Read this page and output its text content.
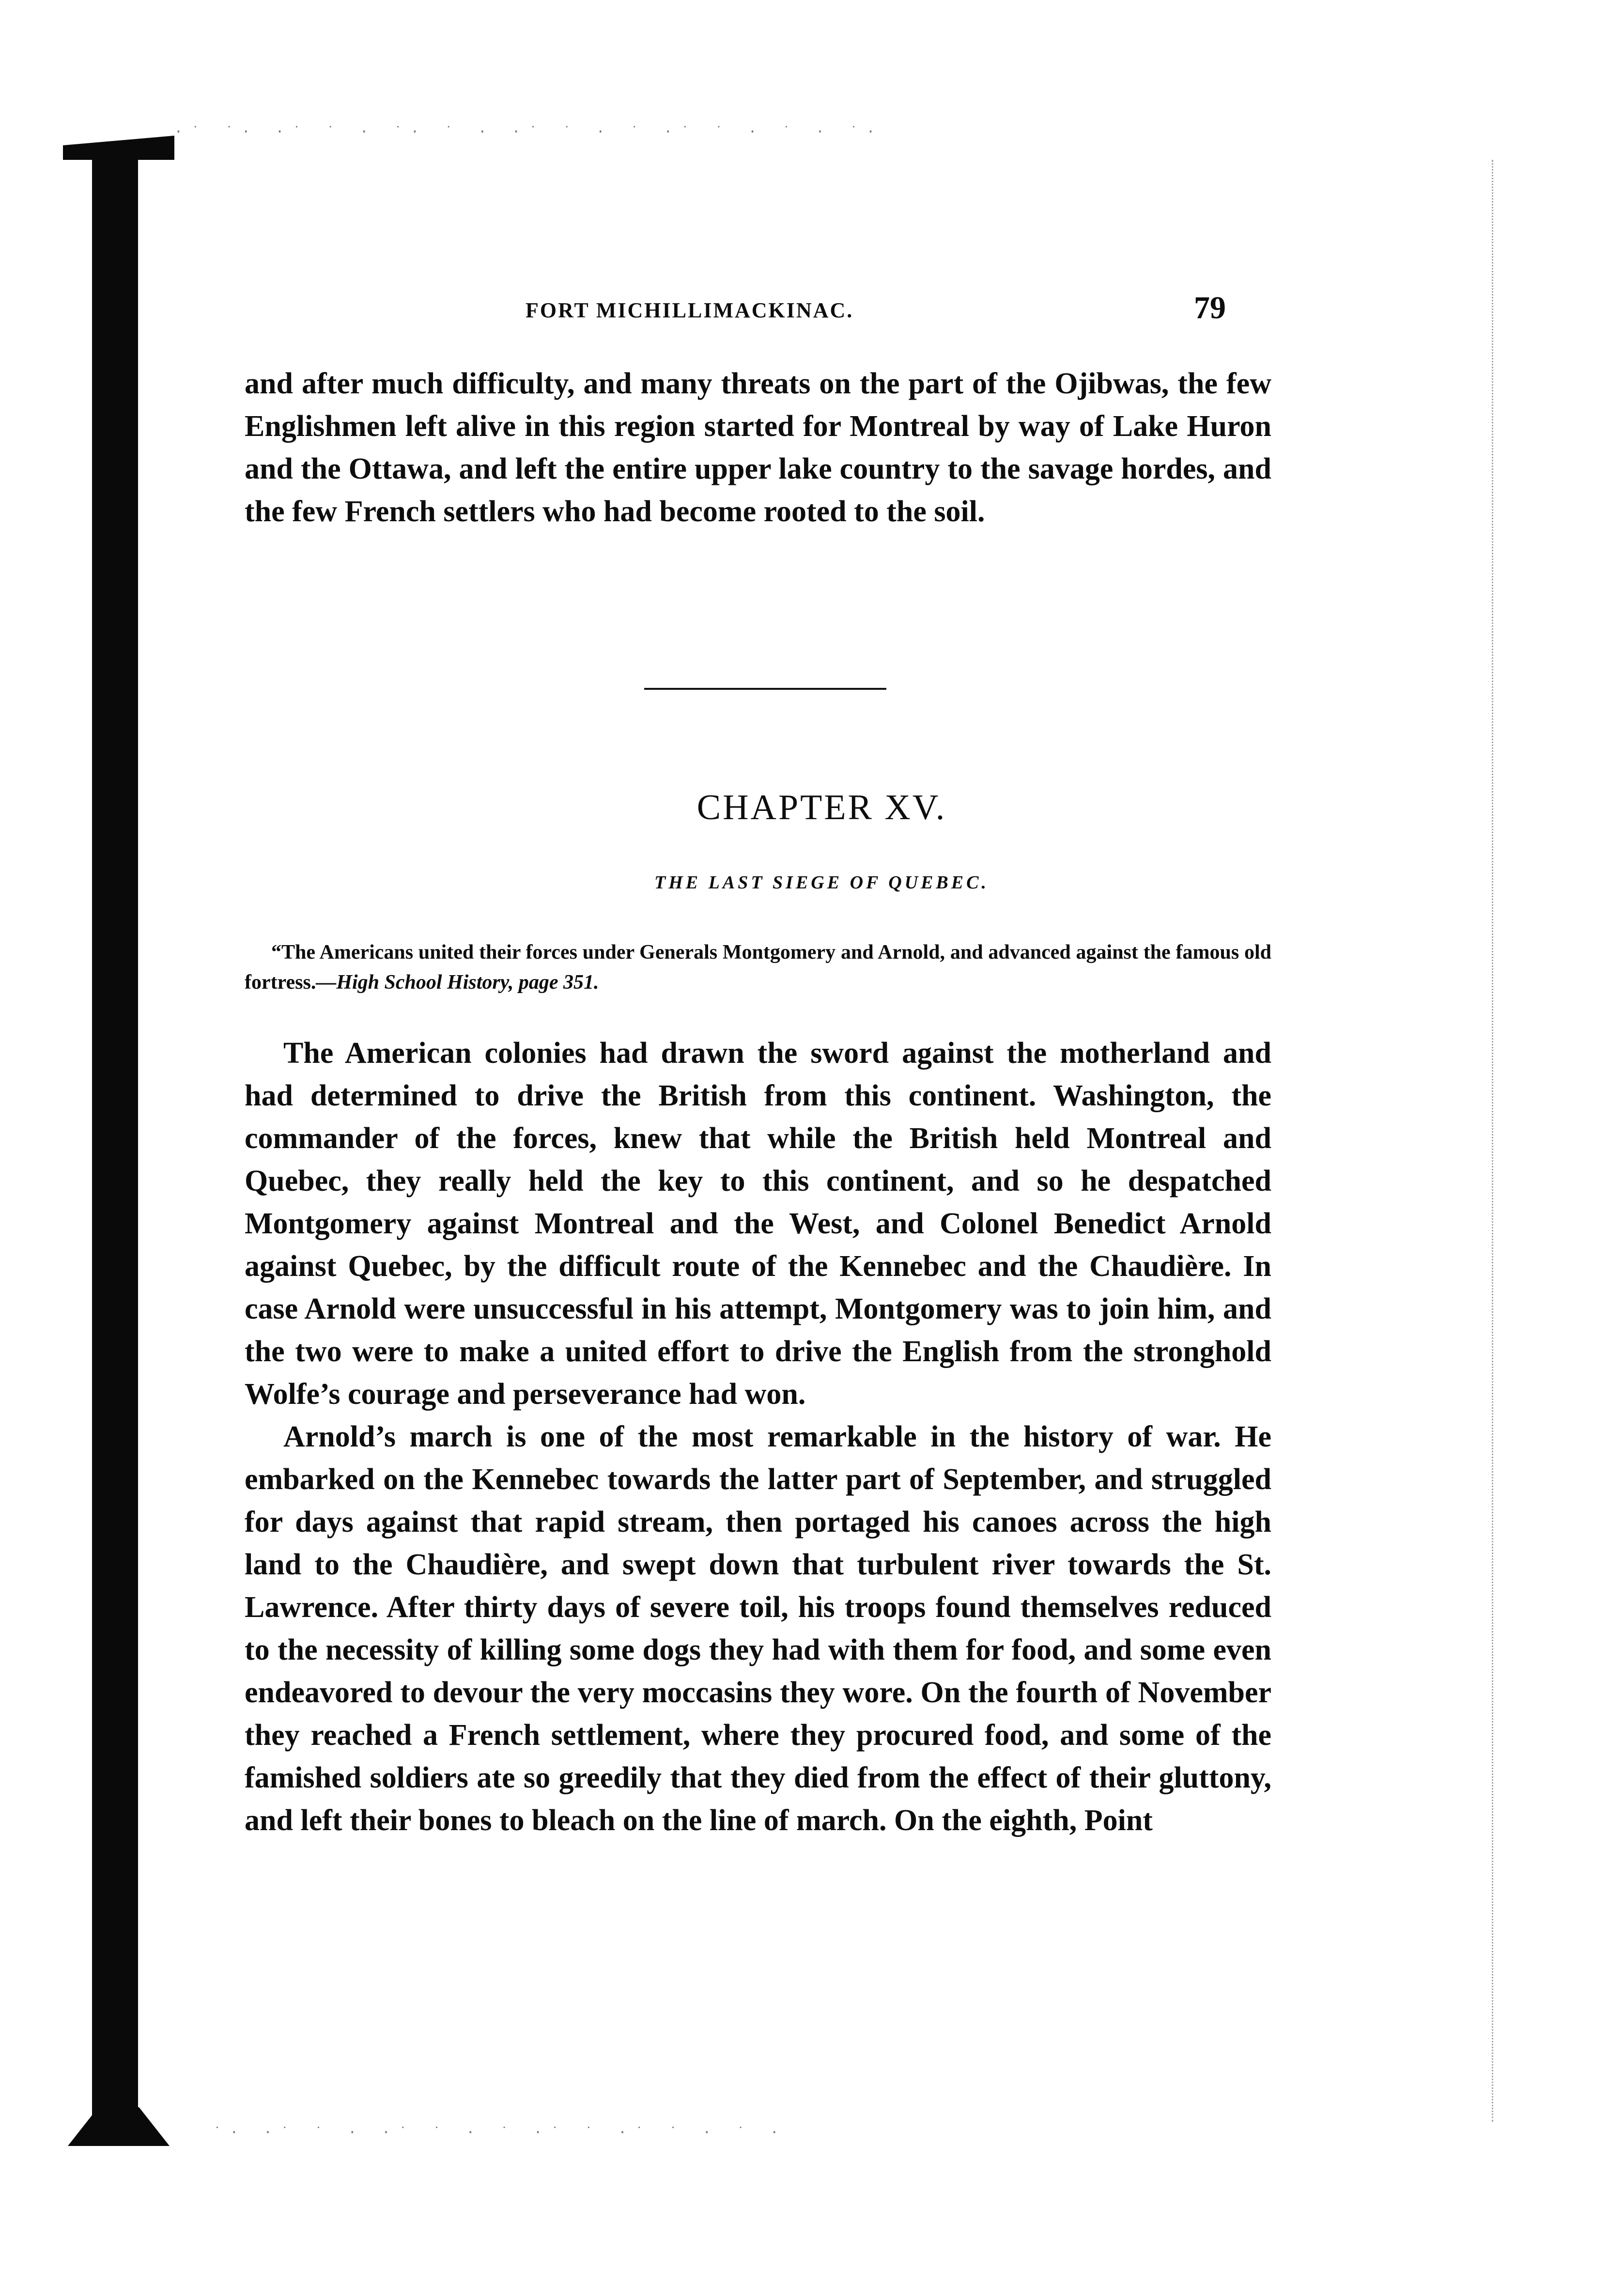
·˙ ˙· ·˙ ˙ · ˙· ˙ · ·˙ ˙ · ˙ ·˙ ˙ · ˙ · ˙·
˙· ·˙ ˙ · ·˙ ˙ · ˙ ·˙ ˙ ·˙ ˙ · ˙ ·
FORT MICHILLIMACKINAC.	79

and after much difficulty, and many threats on the part of the Ojibwas, the few Englishmen left alive in this region started for Montreal by way of Lake Huron and the Ottawa, and left the entire upper lake country to the savage hordes, and the few French settlers who had become rooted to the soil.

CHAPTER XV.
THE LAST SIEGE OF QUEBEC.
“The Americans united their forces under Generals Montgomery and Arnold, and advanced against the famous old fortress.—High School History, page 351.

The American colonies had drawn the sword against the motherland and had determined to drive the British from this continent. Washington, the commander of the forces, knew that while the British held Montreal and Quebec, they really held the key to this continent, and so he despatched Montgomery against Montreal and the West, and Colonel Benedict Arnold against Quebec, by the difficult route of the Kennebec and the Chaudière. In case Arnold were unsuccessful in his attempt, Montgomery was to join him, and the two were to make a united effort to drive the English from the stronghold Wolfe’s courage and perseverance had won.

Arnold’s march is one of the most remarkable in the history of war. He embarked on the Kennebec towards the latter part of September, and struggled for days against that rapid stream, then portaged his canoes across the high land to the Chaudière, and swept down that turbulent river towards the St. Lawrence. After thirty days of severe toil, his troops found themselves reduced to the necessity of killing some dogs they had with them for food, and some even endeavored to devour the very moccasins they wore. On the fourth of November they reached a French settlement, where they procured food, and some of the famished soldiers ate so greedily that they died from the effect of their gluttony, and left their bones to bleach on the line of march. On the eighth, Point
